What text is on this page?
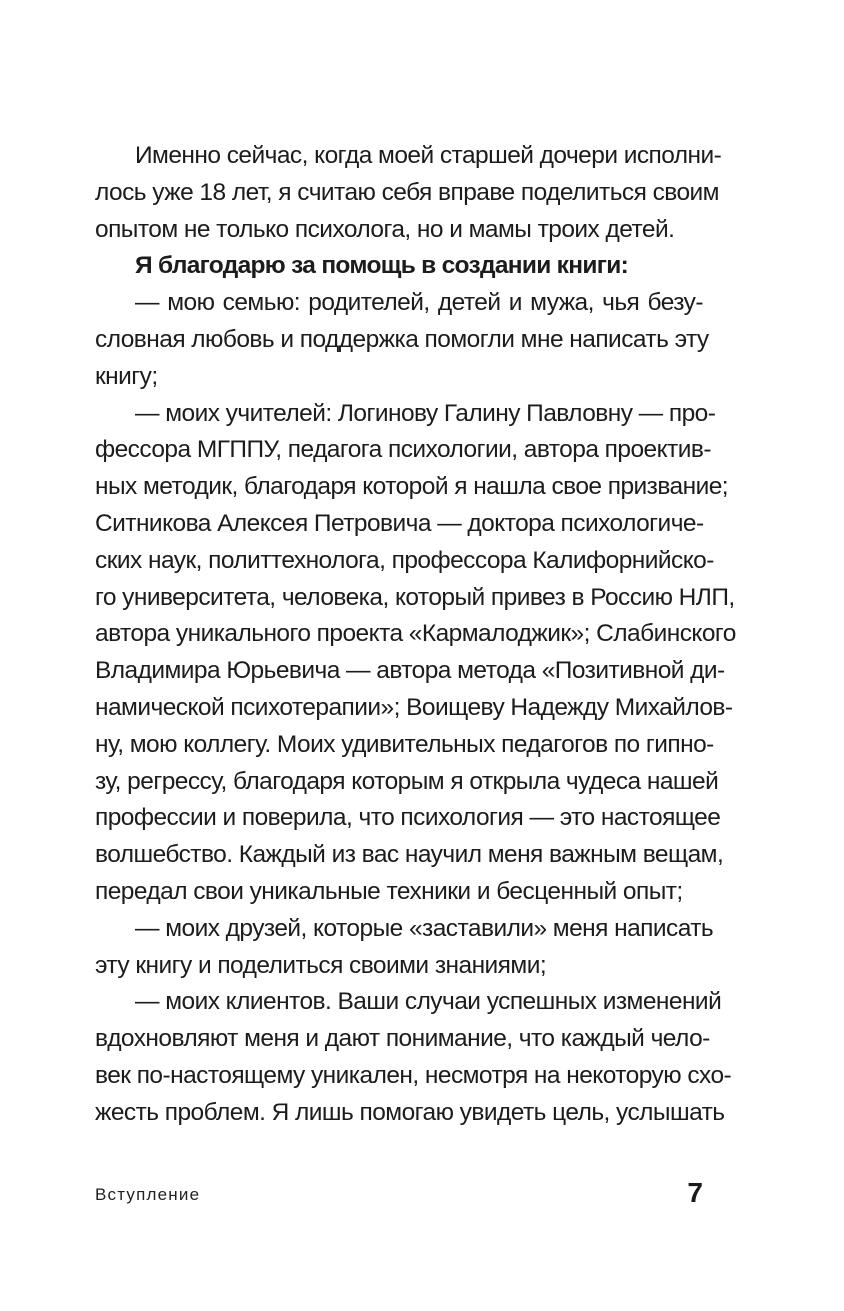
Именно сейчас, когда моей старшей дочери исполни-
лось уже 18 лет, я считаю себя вправе поделиться своим
опытом не только психолога, но и мамы троих детей.
Я благодарю за помощь в создании книги:
— мою семью: родителей, детей и мужа, чья безу-
словная любовь и поддержка помогли мне написать эту
книгу;
— моих учителей: Логинову Галину Павловну — про-
фессора МГППУ, педагога психологии, автора проектив-
ных методик, благодаря которой я нашла свое призвание;
Ситникова Алексея Петровича — доктора психологиче-
ских наук, политтехнолога, профессора Калифорнийско-
го университета, человека, который привез в Россию НЛП,
автора уникального проекта «Кармалоджик»; Слабинского
Владимира Юрьевича — автора метода «Позитивной ди-
намической психотерапии»; Воищеву Надежду Михайлов-
ну, мою коллегу. Моих удивительных педагогов по гипно-
зу, регрессу, благодаря которым я открыла чудеса нашей
профессии и поверила, что психология — это настоящее
волшебство. Каждый из вас научил меня важным вещам,
передал свои уникальные техники и бесценный опыт;
— моих друзей, которые «заставили» меня написать
эту книгу и поделиться своими знаниями;
— моих клиентов. Ваши случаи успешных изменений
вдохновляют меня и дают понимание, что каждый чело-
век по-настоящему уникален, несмотря на некоторую схо-
жесть проблем. Я лишь помогаю увидеть цель, услышать
Вступление	7
